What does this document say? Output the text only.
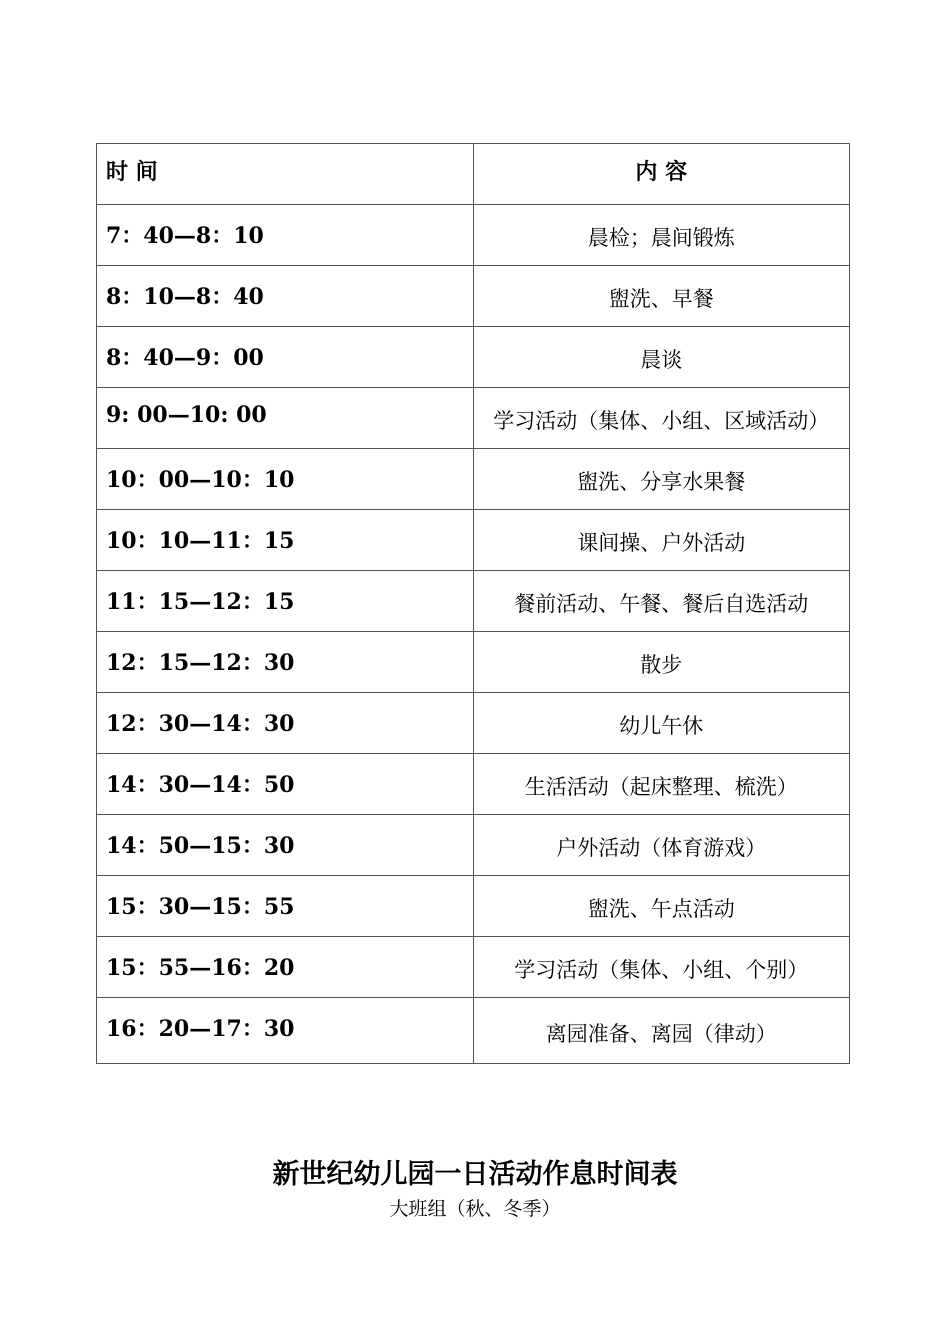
时 间	内 容
7：40—8：10	晨检；晨间锻炼
8：10—8：40	盥洗、早餐
8：40—9：00	晨谈
9: 00—10: 00	学习活动（集体、小组、区域活动）
10：00—10：10	盥洗、分享水果餐
10：10—11：15	课间操、户外活动
11：15—12：15	餐前活动、午餐、餐后自选活动
12：15—12：30	散步
12：30—14：30	幼儿午休
14：30—14：50	生活活动（起床整理、梳洗）
14：50—15：30	户外活动（体育游戏）
15：30—15：55	盥洗、午点活动
15：55—16：20	学习活动（集体、小组、个别）
16：20—17：30	离园准备、离园（律动）
新世纪幼儿园一日活动作息时间表
大班组（秋、冬季）
